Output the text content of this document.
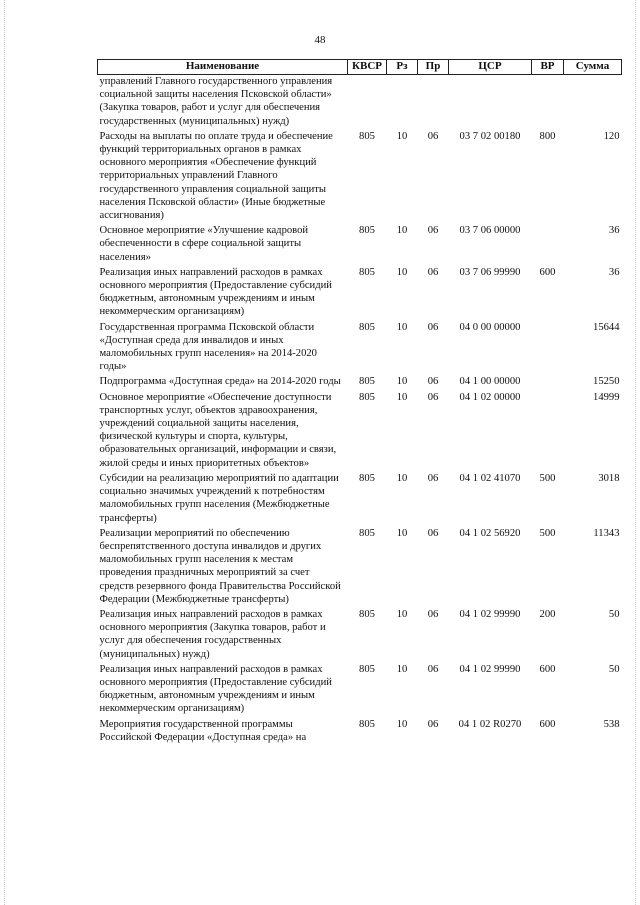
48
Наименование	КВСР	Рз	Пр	ЦСР	ВР	Сумма
управлений Главного государственного управления социальной защиты населения Псковской области» (Закупка товаров, работ и услуг для обеспечения государственных (муниципальных) нужд)						
Расходы на выплаты по оплате труда и обеспечение функций территориальных органов в рамках основного мероприятия «Обеспечение функций территориальных управлений Главного государственного управления социальной защиты населения Псковской области» (Иные бюджетные ассигнования)	805	10	06	03 7 02 00180	800	120
Основное мероприятие «Улучшение кадровой обеспеченности в сфере социальной защиты населения»	805	10	06	03 7 06 00000		36
Реализация иных направлений расходов в рамках основного мероприятия (Предоставление субсидий бюджетным, автономным учреждениям и иным некоммерческим организациям)	805	10	06	03 7 06 99990	600	36
Государственная программа Псковской области «Доступная среда для инвалидов и иных маломобильных групп населения» на 2014-2020 годы»	805	10	06	04 0 00 00000		15644
Подпрограмма «Доступная среда» на 2014-2020 годы	805	10	06	04 1 00 00000		15250
Основное мероприятие «Обеспечение доступности транспортных услуг, объектов здравоохранения, учреждений социальной защиты населения, физической культуры и спорта, культуры, образовательных организаций, информации и связи, жилой среды и иных приоритетных объектов»	805	10	06	04 1 02 00000		14999
Субсидии на реализацию мероприятий по адаптации социально значимых учреждений к потребностям маломобильных групп населения (Межбюджетные трансферты)	805	10	06	04 1 02 41070	500	3018
Реализации мероприятий по обеспечению беспрепятственного доступа инвалидов и других маломобильных групп населения к местам проведения праздничных мероприятий за счет средств резервного фонда Правительства Российской Федерации (Межбюджетные трансферты)	805	10	06	04 1 02 56920	500	11343
Реализация иных направлений расходов в рамках основного мероприятия (Закупка товаров, работ и услуг для обеспечения государственных (муниципальных) нужд)	805	10	06	04 1 02 99990	200	50
Реализация иных направлений расходов в рамках основного мероприятия (Предоставление субсидий бюджетным, автономным учреждениям и иным некоммерческим организациям)	805	10	06	04 1 02 99990	600	50
Мероприятия государственной программы Российской Федерации «Доступная среда» на	805	10	06	04 1 02 R0270	600	538
